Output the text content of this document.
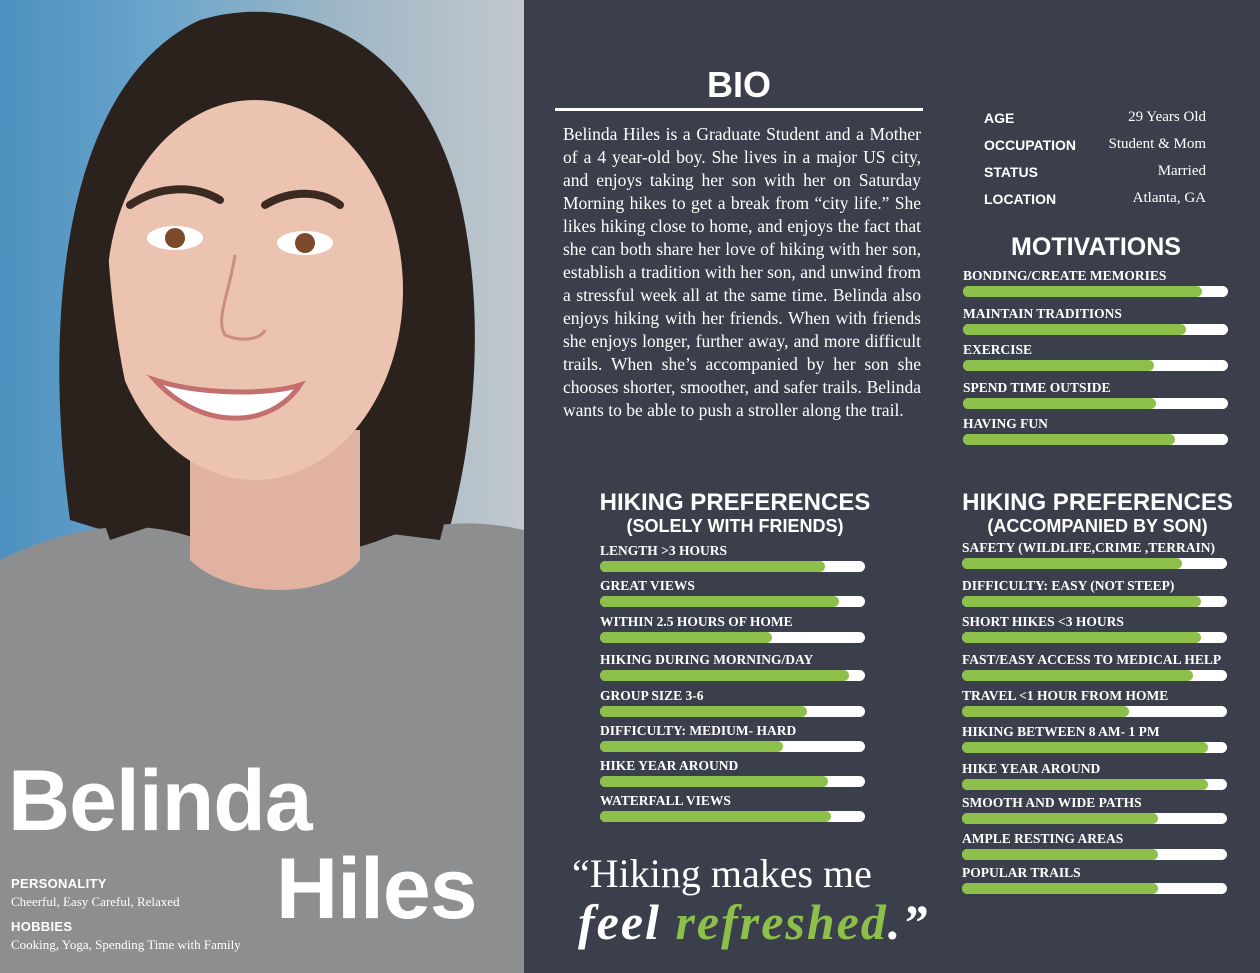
Belinda
Hiles
PERSONALITY
Cheerful, Easy Careful, Relaxed
HOBBIES
Cooking, Yoga, Spending Time with Family
BIO
Belinda Hiles is a Graduate Student and a Mother of a 4 year-old boy. She lives in a major US city, and enjoys taking her son with her on Saturday Morning hikes to get a break from “city life.” She likes hiking close to home, and enjoys the fact that she can both share her love of hiking with her son, establish a tradition with her son, and unwind from a stressful week all at the same time. Belinda also enjoys hiking with her friends. When with friends she enjoys longer, further away, and more difficult trails. When she’s accompanied by her son she chooses shorter, smoother, and safer trails. Belinda wants to be able to push a stroller along the trail.
AGE	29 Years Old
OCCUPATION Student & Mom
STATUS	Married
LOCATION	Atlanta, GA
MOTIVATIONS
BONDING/CREATE MEMORIES
MAINTAIN TRADITIONS
EXERCISE
SPEND TIME OUTSIDE
HAVING FUN
HIKING PREFERENCES
(SOLELY WITH FRIENDS)
LENGTH >3 HOURS
GREAT VIEWS
WITHIN 2.5 HOURS OF HOME
HIKING DURING MORNING/DAY
GROUP SIZE 3-6
DIFFICULTY: MEDIUM- HARD
HIKE YEAR AROUND
WATERFALL VIEWS
HIKING PREFERENCES
(ACCOMPANIED BY SON)
SAFETY (WILDLIFE,CRIME ,TERRAIN)
DIFFICULTY: EASY (NOT STEEP)
SHORT HIKES <3 HOURS
FAST/EASY ACCESS TO MEDICAL HELP
TRAVEL <1 HOUR FROM HOME
HIKING BETWEEN 8 AM- 1 PM
HIKE YEAR AROUND
SMOOTH AND WIDE PATHS
AMPLE RESTING AREAS
POPULAR TRAILS
“Hiking makes me
feel refreshed.”
